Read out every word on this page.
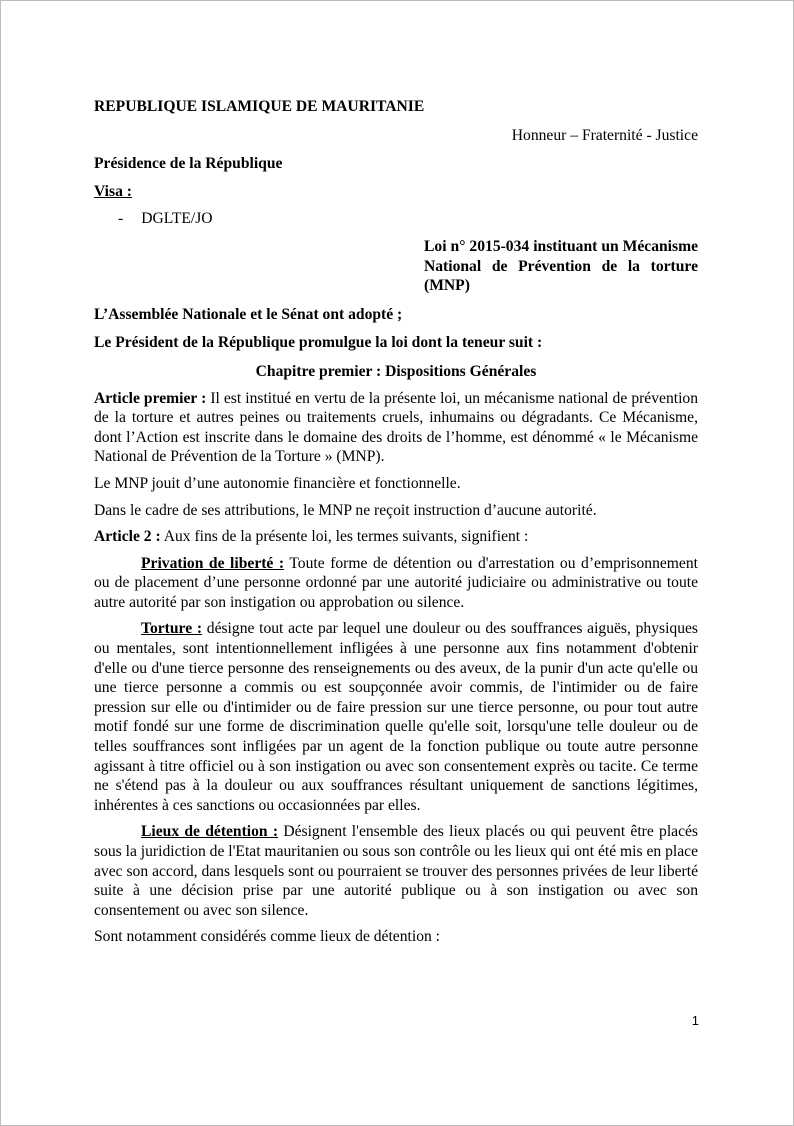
REPUBLIQUE ISLAMIQUE DE MAURITANIE

Honneur – Fraternité - Justice

Présidence de la République

Visa :

- DGLTE/JO

Loi n° 2015-034 instituant un Mécanisme National de Prévention de la torture (MNP)

L’Assemblée Nationale et le Sénat ont adopté ;

Le Président de la République promulgue la loi dont la teneur suit :

Chapitre premier : Dispositions Générales

Article premier : Il est institué en vertu de la présente loi, un mécanisme national de prévention de la torture et autres peines ou traitements cruels, inhumains ou dégradants. Ce Mécanisme, dont l’Action est inscrite dans le domaine des droits de l’homme, est dénommé « le Mécanisme National de Prévention de la Torture » (MNP).

Le MNP jouit d’une autonomie financière et fonctionnelle.

Dans le cadre de ses attributions, le MNP ne reçoit instruction d’aucune autorité.

Article 2 : Aux fins de la présente loi, les termes suivants, signifient :

Privation de liberté : Toute forme de détention ou d'arrestation ou d’emprisonnement ou de placement d’une personne ordonné par une autorité judiciaire ou administrative ou toute autre autorité par son instigation ou approbation ou silence.

Torture : désigne tout acte par lequel une douleur ou des souffrances aiguës, physiques ou mentales, sont intentionnellement infligées à une personne aux fins notamment d'obtenir d'elle ou d'une tierce personne des renseignements ou des aveux, de la punir d'un acte qu'elle ou une tierce personne a commis ou est soupçonnée avoir commis, de l'intimider ou de faire pression sur elle ou d'intimider ou de faire pression sur une tierce personne, ou pour tout autre motif fondé sur une forme de discrimination quelle qu'elle soit, lorsqu'une telle douleur ou de telles souffrances sont infligées par un agent de la fonction publique ou toute autre personne agissant à titre officiel ou à son instigation ou avec son consentement exprès ou tacite. Ce terme ne s'étend pas à la douleur ou aux souffrances résultant uniquement de sanctions légitimes, inhérentes à ces sanctions ou occasionnées par elles.

Lieux de détention : Désignent l'ensemble des lieux placés ou qui peuvent être placés sous la juridiction de l'Etat mauritanien ou sous son contrôle ou les lieux qui ont été mis en place avec son accord, dans lesquels sont ou pourraient se trouver des personnes privées de leur liberté suite à une décision prise par une autorité publique ou à son instigation ou avec son consentement ou avec son silence.

Sont notamment considérés comme lieux de détention :

1
